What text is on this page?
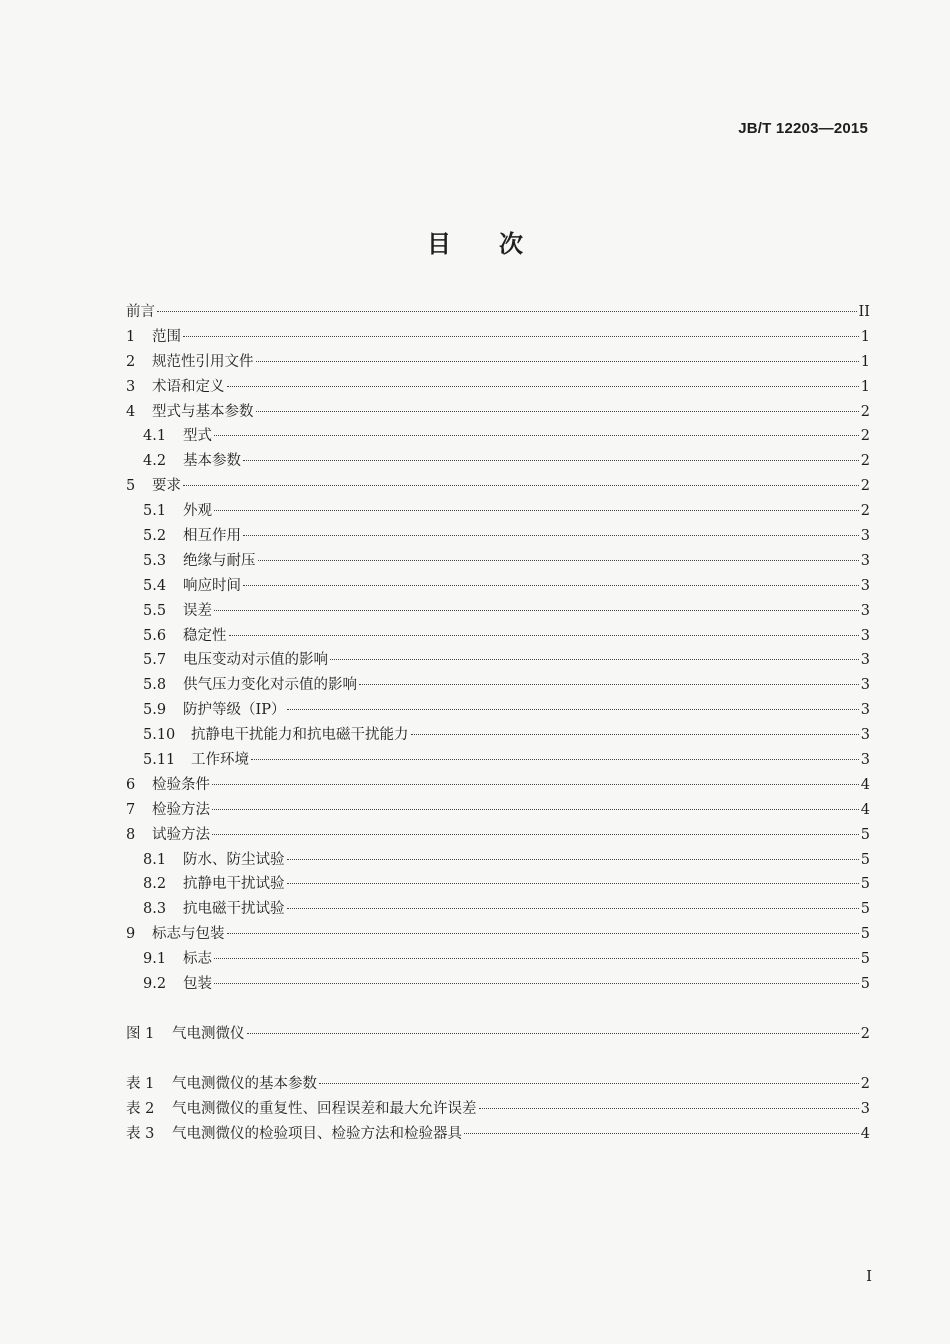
JB/T 12203—2015
目　　次
前言	II
1	范围	1
2	规范性引用文件	1
3	术语和定义	1
4	型式与基本参数	2
4.1	型式	2
4.2	基本参数	2
5	要求	2
5.1	外观	2
5.2	相互作用	3
5.3	绝缘与耐压	3
5.4	响应时间	3
5.5	误差	3
5.6	稳定性	3
5.7	电压变动对示值的影响	3
5.8	供气压力变化对示值的影响	3
5.9	防护等级（IP）	3
5.10	抗静电干扰能力和抗电磁干扰能力	3
5.11	工作环境	3
6	检验条件	4
7	检验方法	4
8	试验方法	5
8.1	防水、防尘试验	5
8.2	抗静电干扰试验	5
8.3	抗电磁干扰试验	5
9	标志与包装	5
9.1	标志	5
9.2	包装	5
图 1	气电测微仪	2
表 1	气电测微仪的基本参数	2
表 2	气电测微仪的重复性、回程误差和最大允许误差	3
表 3	气电测微仪的检验项目、检验方法和检验器具	4
I
